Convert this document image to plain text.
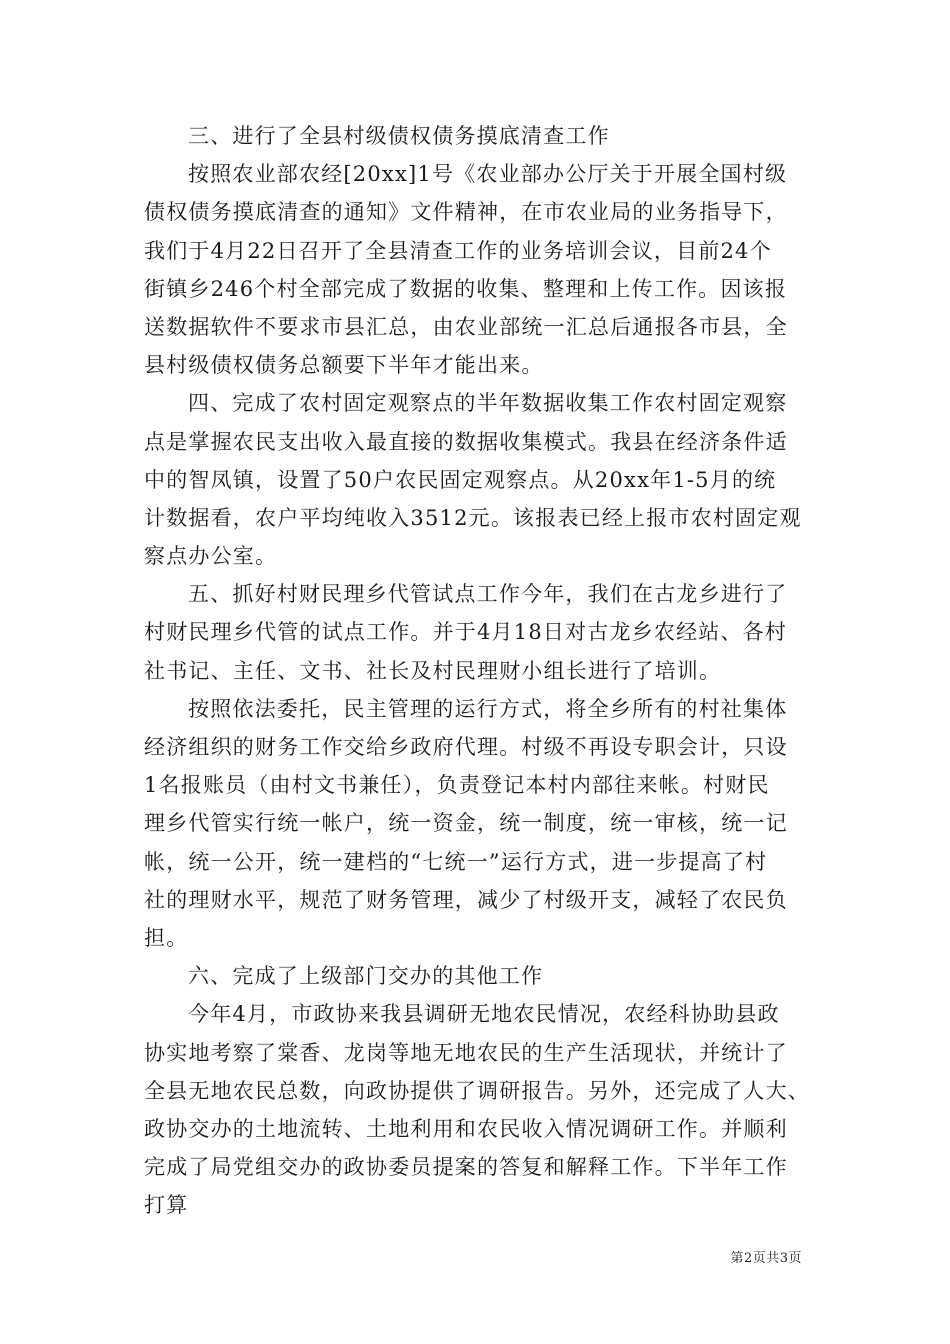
三、进行了全县村级债权债务摸底清查工作
按照农业部农经[20xx]1号《农业部办公厅关于开展全国村级
债权债务摸底清查的通知》文件精神，在市农业局的业务指导下，
我们于4月22日召开了全县清查工作的业务培训会议，目前24个
街镇乡246个村全部完成了数据的收集、整理和上传工作。因该报
送数据软件不要求市县汇总，由农业部统一汇总后通报各市县，全
县村级债权债务总额要下半年才能出来。
四、完成了农村固定观察点的半年数据收集工作农村固定观察
点是掌握农民支出收入最直接的数据收集模式。我县在经济条件适
中的智凤镇，设置了50户农民固定观察点。从20xx年1-5月的统
计数据看，农户平均纯收入3512元。该报表已经上报市农村固定观
察点办公室。
五、抓好村财民理乡代管试点工作今年，我们在古龙乡进行了
村财民理乡代管的试点工作。并于4月18日对古龙乡农经站、各村
社书记、主任、文书、社长及村民理财小组长进行了培训。
按照依法委托，民主管理的运行方式，将全乡所有的村社集体
经济组织的财务工作交给乡政府代理。村级不再设专职会计，只设
1名报账员（由村文书兼任），负责登记本村内部往来帐。村财民
理乡代管实行统一帐户，统一资金，统一制度，统一审核，统一记
帐，统一公开，统一建档的“七统一”运行方式，进一步提高了村
社的理财水平，规范了财务管理，减少了村级开支，减轻了农民负
担。
六、完成了上级部门交办的其他工作
今年4月，市政协来我县调研无地农民情况，农经科协助县政
协实地考察了棠香、龙岗等地无地农民的生产生活现状，并统计了
全县无地农民总数，向政协提供了调研报告。另外，还完成了人大、
政协交办的土地流转、土地利用和农民收入情况调研工作。并顺利
完成了局党组交办的政协委员提案的答复和解释工作。下半年工作
打算
第2页共3页
